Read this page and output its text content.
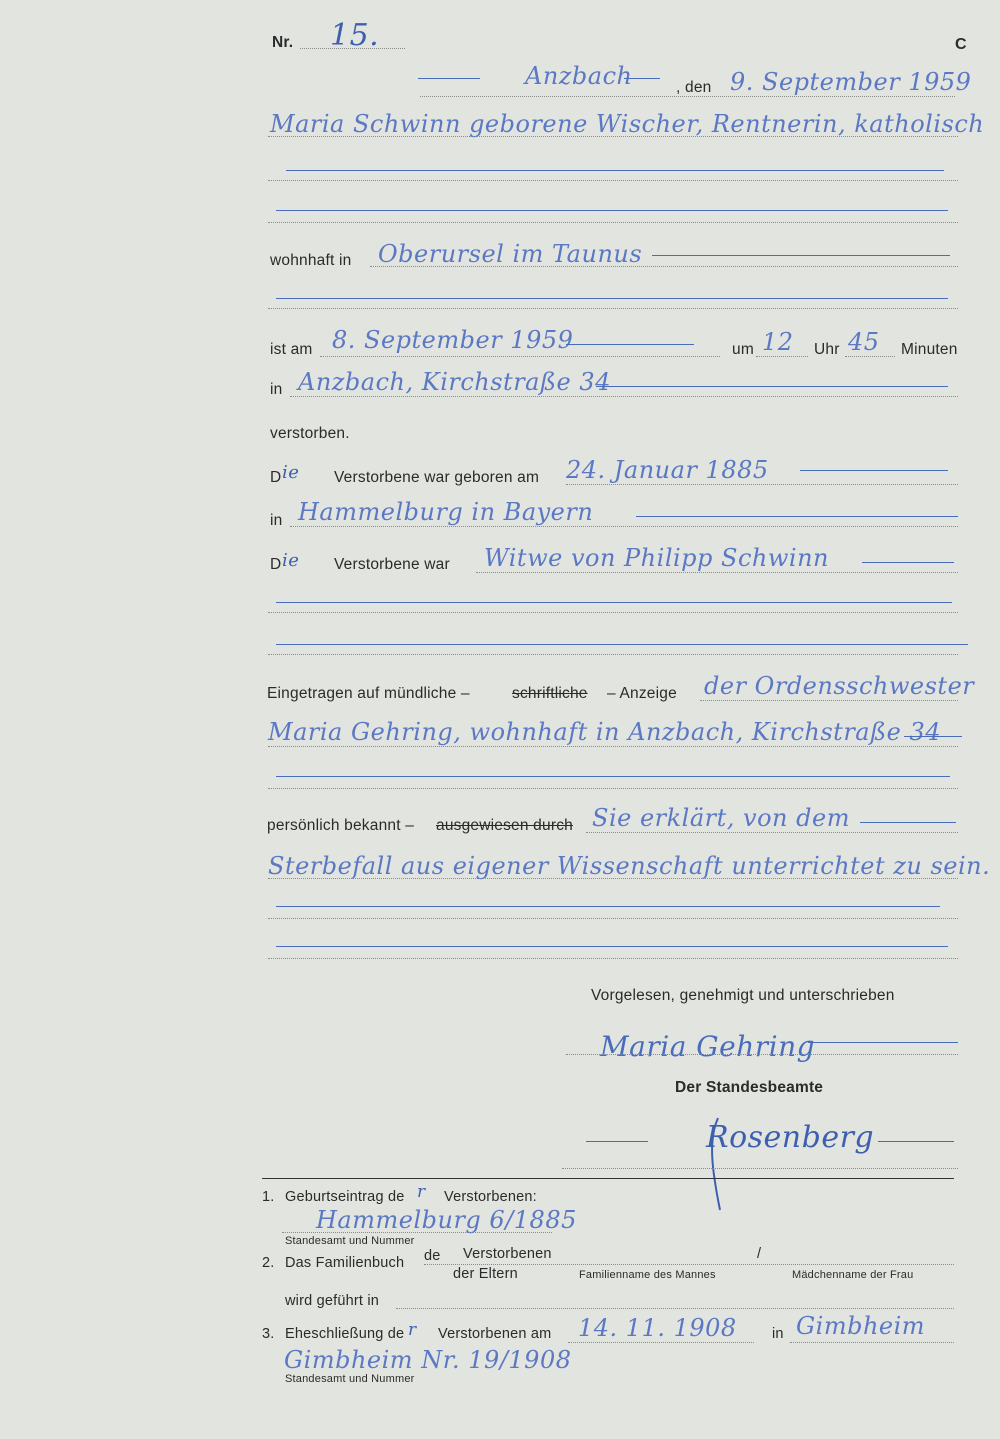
Nr. 15.	C
Anzbach	, den 9. September 1959
Maria Schwinn geborene Wischer, Rentnerin, katholisch
wohnhaft in Oberursel im Taunus
ist am 8. September 1959	um 12 Uhr 45 Minuten
in Anzbach, Kirchstraße 34
verstorben.
D ie Verstorbene war geboren am 24. Januar 1885
in Hammelburg in Bayern
D ie Verstorbene war Witwe von Philipp Schwinn
Eingetragen auf mündliche –	schriftliche – Anzeige der Ordensschwester
Maria Gehring, wohnhaft in Anzbach, Kirchstraße 34
persönlich bekannt – ausgewiesen durch Sie erklärt, von dem
Sterbefall aus eigener Wissenschaft unterrichtet zu sein.
Vorgelesen, genehmigt und unterschrieben
Maria Gehring
Der Standesbeamte
Rosenberg
1. Geburtseintrag de r Verstorbenen:
Hammelburg 6/1885
Standesamt und Nummer
2. Das Familienbuch de Verstorbenen
der Eltern
/
Familienname des Mannes	Mädchenname der Frau
wird geführt in
3. Eheschließung de r Verstorbenen am 14. 11. 1908 in Gimbheim
Gimbheim Nr. 19/1908
Standesamt und Nummer
